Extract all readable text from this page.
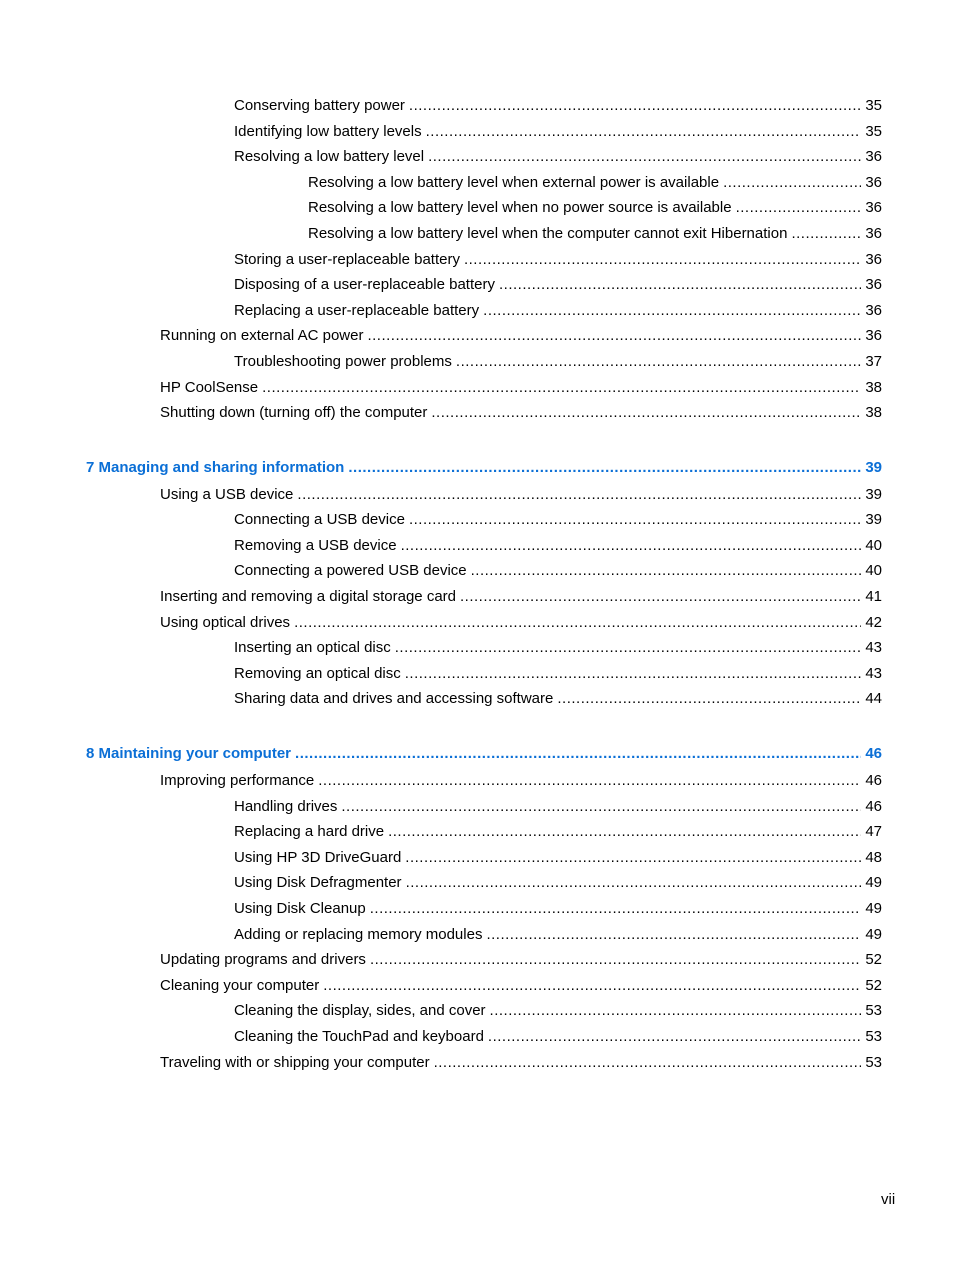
Conserving battery power .....	35
Identifying low battery levels .....	35
Resolving a low battery level .....	36
Resolving a low battery level when external power is available .....	36
Resolving a low battery level when no power source is available .....	36
Resolving a low battery level when the computer cannot exit Hibernation .....	36
Storing a user-replaceable battery .....	36
Disposing of a user-replaceable battery .....	36
Replacing a user-replaceable battery .....	36
Running on external AC power .....	36
Troubleshooting power problems .....	37
HP CoolSense .....	38
Shutting down (turning off) the computer .....	38
7 Managing and sharing information .....	39
Using a USB device .....	39
Connecting a USB device .....	39
Removing a USB device .....	40
Connecting a powered USB device .....	40
Inserting and removing a digital storage card .....	41
Using optical drives .....	42
Inserting an optical disc .....	43
Removing an optical disc .....	43
Sharing data and drives and accessing software .....	44
8 Maintaining your computer .....	46
Improving performance .....	46
Handling drives .....	46
Replacing a hard drive .....	47
Using HP 3D DriveGuard .....	48
Using Disk Defragmenter .....	49
Using Disk Cleanup .....	49
Adding or replacing memory modules .....	49
Updating programs and drivers .....	52
Cleaning your computer .....	52
Cleaning the display, sides, and cover .....	53
Cleaning the TouchPad and keyboard .....	53
Traveling with or shipping your computer .....	53
vii
